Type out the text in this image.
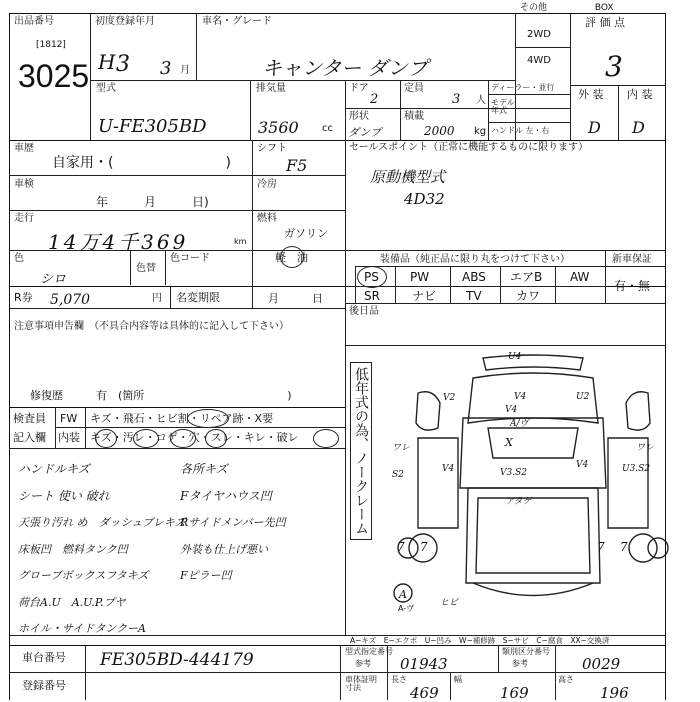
その他　　　　　 BOX
出品番号
[1812]
3025
初度登録年月
H 3 3 月
車名・グレード
キャンター ダンプ
2WD
4WD
評 価 点
3
型式
U-FE305BD
排気量
3560 cc
ドア
2
定員
3 人
形状
ダンプ
積載
2000 kg
ディーラー・並行
モデル
年式
ハンドル 左・右
外 装 内 装
D D
車歴
自家用・(　　　　　　　　)
シフト
F5
車検
年　　　月　　　日)
冷房
走行
14万4千369	km
燃料
ガソリン
軽　油
色
シロ
色替
色コード
R券 5,070	円 名変期限	月　　　日
セールスポイント（正常に機能するものに限ります）
原動機型式
4D32
装備品（純正品に限り丸をつけて下さい）	新車保証
有・無
PS	PW	ABS エアB AW
SR	ナビ TV	カワ
後日品
注意事項申告欄　（不具合内容等は具体的に記入して下さい）
修復歴	有　(箇所　　　　　　　　　　　　　)
検査員
記入欄
FW キズ・飛石・ヒビ割・リペア跡・X要
内装 キズ・汚レ・コゲ・穴・スレ・キレ・破レ
ハンドルキズ	各所キズ
シート 使い 破れ	Fタイヤハウス凹
天張り汚れ め　ダッシュブレキズ
Rサイドメンバー先凹
床板凹　燃料タンク凹	外装も仕上げ悪い
グローブボックスフタキズ	Fピラー凹
荷台A.U　A.U.P.プヤ
ホイル・サイドタンクーA
低年式の為、ノークレーム
U4
V2
V4
A/ヴ
V4	U2
X
V4	U3.S2
V4
S2	V3.S2
アタゲ
ワレ	ワレ
7 7	7 7
A
A-ヴ
ヒビ
A−キズ　E−エクボ　U−凹み　W−補修跡　S−サビ　C−腐食　XX−交換済
車台番号 FE305BD-444179
登録番号
型式指定番号
参考 01943
類別区分番号
参考	0029
車体証明
寸法
長さ
469
幅
169
高さ
196
